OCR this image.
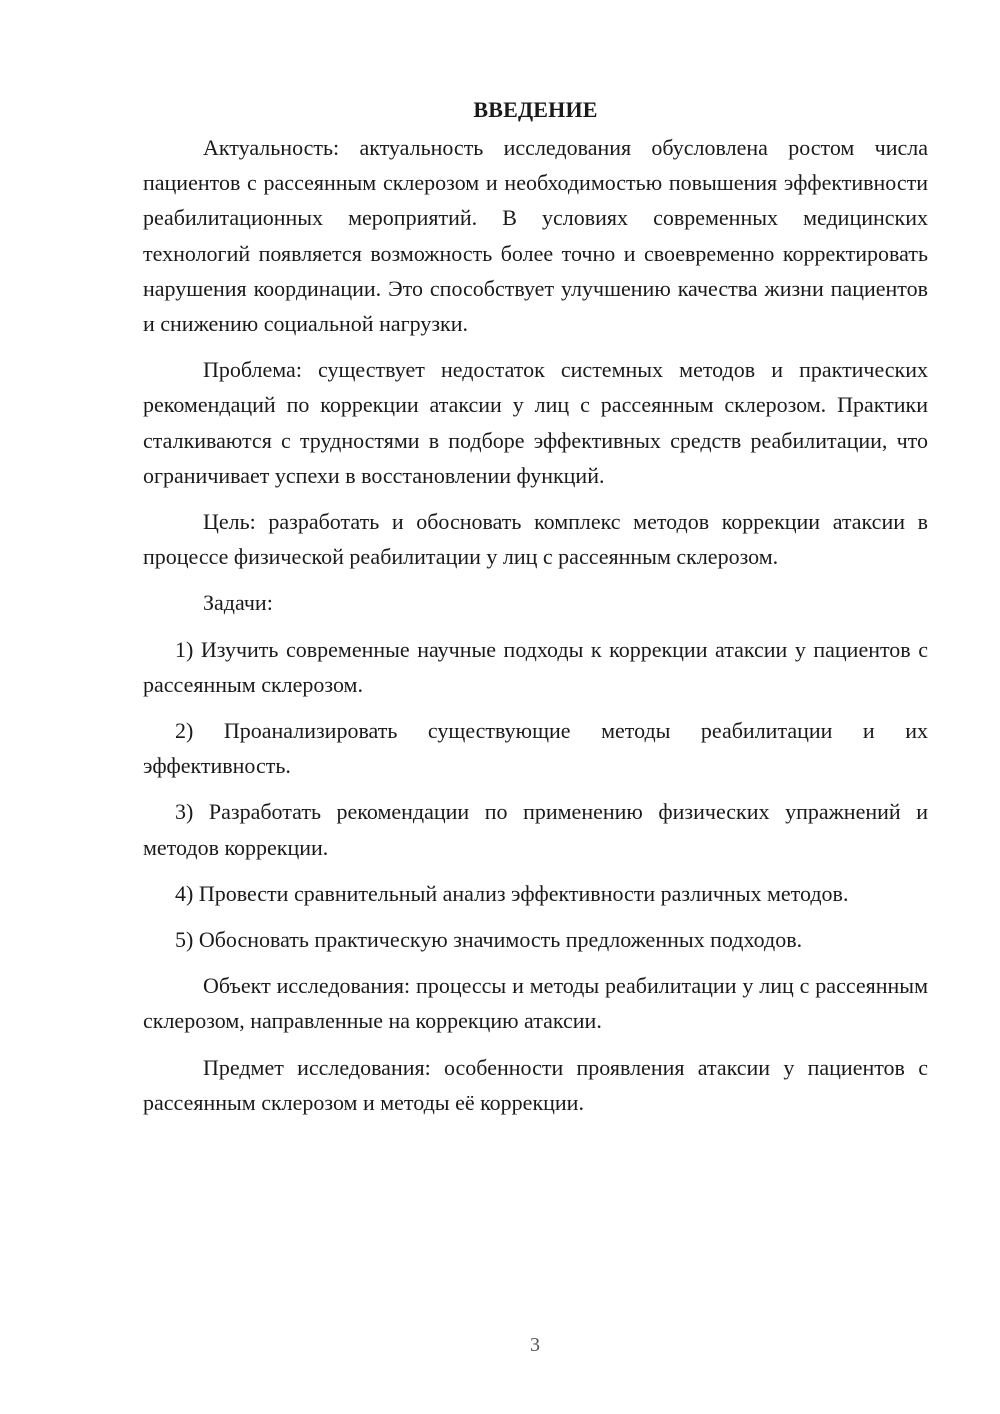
ВВЕДЕНИЕ

Актуальность: актуальность исследования обусловлена ростом числа пациентов с рассеянным склерозом и необходимостью повышения эффективности реабилитационных мероприятий. В условиях современных медицинских технологий появляется возможность более точно и своевременно корректировать нарушения координации. Это способствует улучшению качества жизни пациентов и снижению социальной нагрузки.

Проблема: существует недостаток системных методов и практических рекомендаций по коррекции атаксии у лиц с рассеянным склерозом. Практики сталкиваются с трудностями в подборе эффективных средств реабилитации, что ограничивает успехи в восстановлении функций.

Цель: разработать и обосновать комплекс методов коррекции атаксии в процессе физической реабилитации у лиц с рассеянным склерозом.

Задачи:

1) Изучить современные научные подходы к коррекции атаксии у пациентов с рассеянным склерозом.

2) Проанализировать существующие методы реабилитации и их эффективность.

3) Разработать рекомендации по применению физических упражнений и методов коррекции.

4) Провести сравнительный анализ эффективности различных методов.

5) Обосновать практическую значимость предложенных подходов.

Объект исследования: процессы и методы реабилитации у лиц с рассеянным склерозом, направленные на коррекцию атаксии.

Предмет исследования: особенности проявления атаксии у пациентов с рассеянным склерозом и методы её коррекции.

3
